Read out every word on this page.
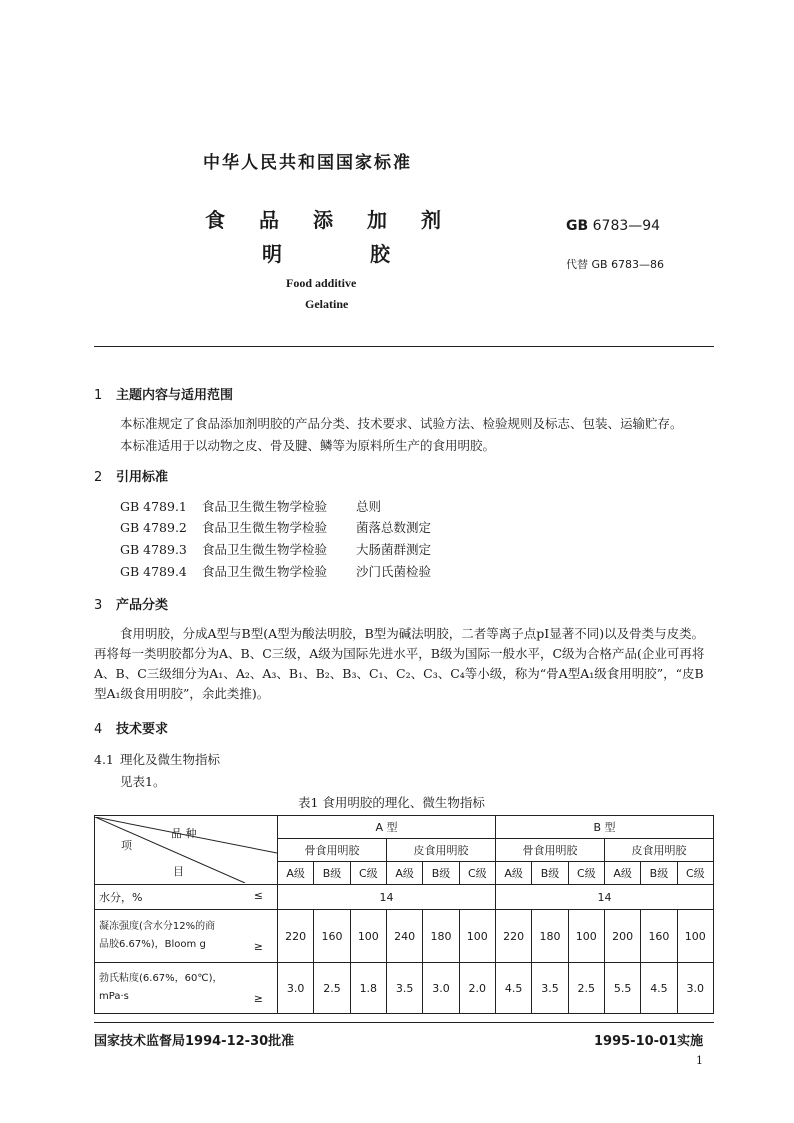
中华人民共和国国家标准
食 品 添 加 剂
明	胶
GB 6783—94
代替 GB 6783—86
Food additive
Gelatine
1 主题内容与适用范围
本标准规定了食品添加剂明胶的产品分类、技术要求、试验方法、检验规则及标志、包装、运输贮存。
本标准适用于以动物之皮、骨及腱、鳞等为原料所生产的食用明胶。
2 引用标准
GB 4789.1 食品卫生微生物学检验 总则
GB 4789.2 食品卫生微生物学检验 菌落总数测定
GB 4789.3 食品卫生微生物学检验 大肠菌群测定
GB 4789.4 食品卫生微生物学检验 沙门氏菌检验
3 产品分类
食用明胶，分成A型与B型(A型为酸法明胶，B型为碱法明胶，二者等离子点pI显著不同)以及骨类与皮类。再将每一类明胶都分为A、B、C三级，A级为国际先进水平，B级为国际一般水平，C级为合格产品(企业可再将A、B、C三级细分为A₁、A₂、A₃、B₁、B₂、B₃、C₁、C₂、C₃、C₄等小级，称为“骨A型A₁级食用明胶”，“皮B型A₁级食用明胶”，余此类推)。
4 技术要求
4.1 理化及微生物指标
见表1。
表1 食用明胶的理化、微生物指标
品 种
项
目	A 型						B 型					
	骨食用明胶			皮食用明胶			骨食用明胶			皮食用明胶		
	A级	B级	C级	A级	B级	C级	A级	B级	C级	A级	B级	C级
水分，% ≤	14						14					

凝冻强度(含水分12%的商
品胶6.67%)，Bloom g ≥	220	160	100	240	180	100	220	180	100	200	160	100

勃氏粘度(6.67%，60℃)，
mPa·s ≥	3.0	2.5	1.8	3.5	3.0	2.0	4.5	3.5	2.5	5.5	4.5	3.0
国家技术监督局1994-12-30批准	1995-10-01实施
1
